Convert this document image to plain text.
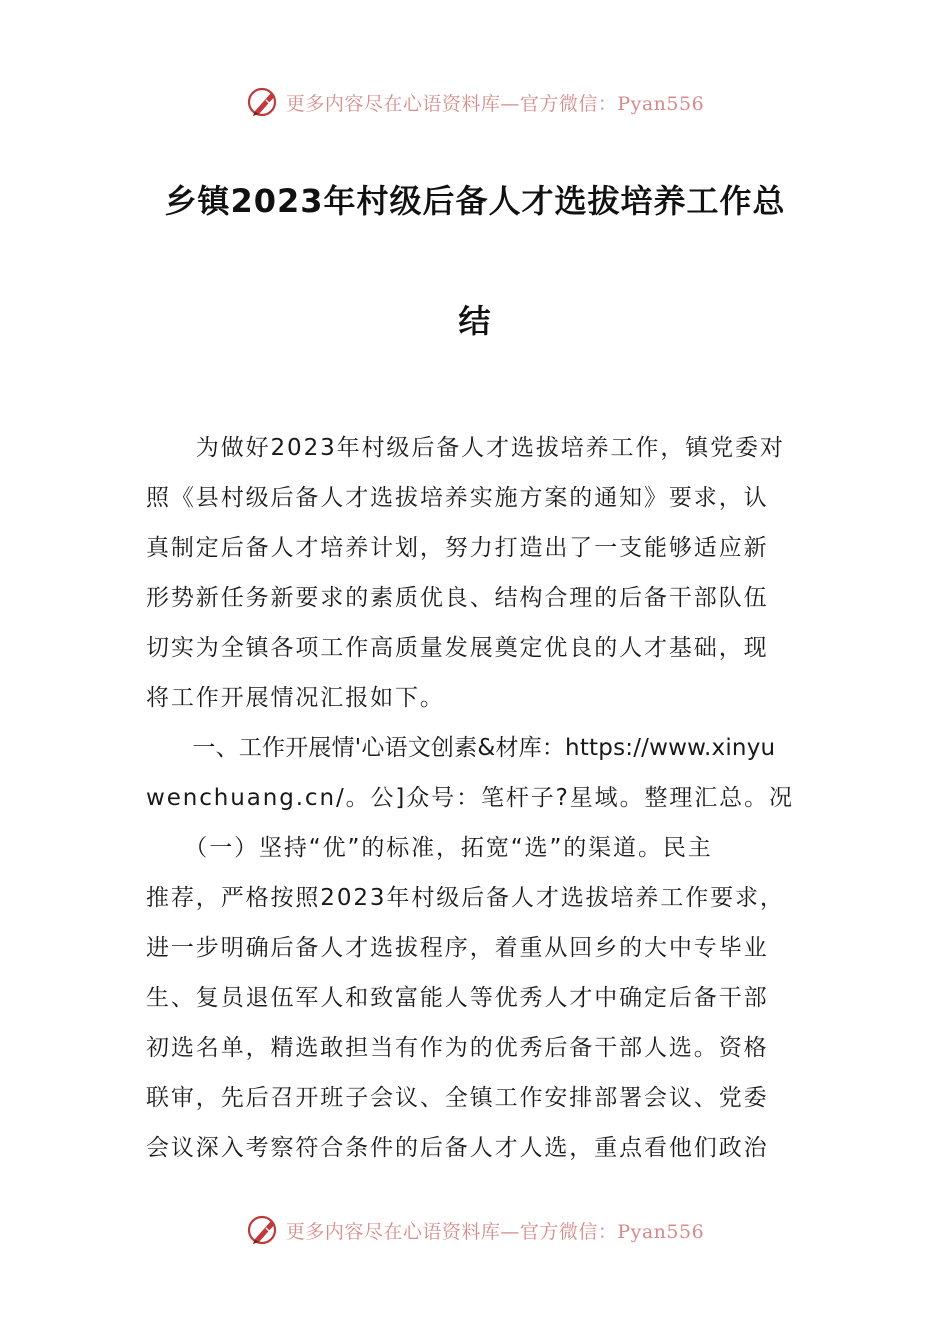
更多内容尽在心语资料库—官方微信：Pyan556
乡镇2023年村级后备人才选拔培养工作总
结
　　为做好2023年村级后备人才选拔培养工作，镇党委对
照《县村级后备人才选拔培养实施方案的通知》要求，认
真制定后备人才培养计划，努力打造出了一支能够适应新
形势新任务新要求的素质优良、结构合理的后备干部队伍
切实为全镇各项工作高质量发展奠定优良的人才基础，现
将工作开展情况汇报如下。
　　一、工作开展情'心语文创素&材库：https://www.xinyu
wenchuang.cn/。公]众号：笔杆子?星域。整理汇总。况
　　（一）坚持“优”的标准，拓宽“选”的渠道。民主
推荐，严格按照2023年村级后备人才选拔培养工作要求，
进一步明确后备人才选拔程序，着重从回乡的大中专毕业
生、复员退伍军人和致富能人等优秀人才中确定后备干部
初选名单，精选敢担当有作为的优秀后备干部人选。资格
联审，先后召开班子会议、全镇工作安排部署会议、党委
会议深入考察符合条件的后备人才人选，重点看他们政治
更多内容尽在心语资料库—官方微信：Pyan556
